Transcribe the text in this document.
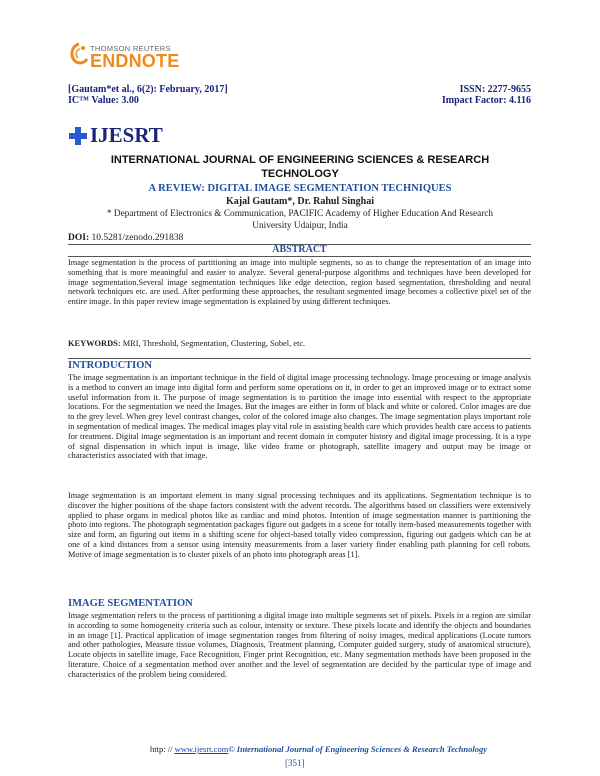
THOMSON REUTERS
ENDNOTE
[Gautam*et al., 6(2): February, 2017]
IC™ Value: 3.00
ISSN: 2277-9655
Impact Factor: 4.116
IJESRT
INTERNATIONAL JOURNAL OF ENGINEERING SCIENCES & RESEARCH
TECHNOLOGY
A REVIEW: DIGITAL IMAGE SEGMENTATION TECHNIQUES
Kajal Gautam*, Dr. Rahul Singhai
* Department of Electronics & Communication, PACIFIC Academy of Higher Education And Research
University Udaipur, India
DOI: 10.5281/zenodo.291838
ABSTRACT
Image segmentation is the process of partitioning an image into multiple segments, so as to change the representation of an image into something that is more meaningful and easier to analyze. Several general-purpose algorithms and techniques have been developed for image segmentation.Several image segmentation techniques like edge detection, region based segmentation, thresholding and neural network techniques etc. are used. After performing these approaches, the resultant segmented image becomes a collective pixel set of the entire image. In this paper review image segmentation is explained by using different techniques.
KEYWORDS: MRI, Threshold, Segmentation, Clustering, Sobel, etc.
INTRODUCTION
The image segmentation is an important technique in the field of digital image processing technology. Image processing or image analysis is a method to convert an image into digital form and perform some operations on it, in order to get an improved image or to extract some useful information from it. The purpose of image segmentation is to partition the image into essential with respect to the appropriate locations. For the segmentation we need the Images. But the images are either in form of black and white or colored. Color images are due to the grey level. When grey level contrast changes, color of the colored image also changes. The image segmentation plays important role in segmentation of medical images. The medical images play vital role in assisting health care which provides health care access to patients for treatment. Digital image segmentation is an important and recent domain in computer history and digital image processing. It is a type of signal dispensation in which input is image, like video frame or photograph, satellite imagery and output may be image or characteristics associated with that image.
Image segmentation is an important element in many signal processing techniques and its applications. Segmentation technique is to discover the higher positions of the shape factors consistent with the advent records. The algorithms based on classifiers were extensively applied to phase organs in medical photos like as cardiac and mind photos. Intention of image segmentation manner is partitioning the photo into regions. The photograph segmentation packages figure out gadgets in a scene for totally item-based measurements together with size and form, an figuring out items in a shifting scene for object-based totally video compression, figuring out gadgets which can be at one of a kind distances from a sensor using intensity measurements from a laser variety finder enabling path planning for cell robots. Motive of image segmentation is to cluster pixels of an photo into photograph areas [1].
IMAGE SEGMENTATION
Image segmentation refers to the process of partitioning a digital image into multiple segments set of pixels. Pixels in a region are similar in according to some homogeneity criteria such as colour, intensity or texture. These pixels locate and identify the objects and boundaries in an image [1]. Practical application of image segmentation ranges from filtering of noisy images, medical applications (Locate tumors and other pathologies, Measure tissue volumes, Diagnosis, Treatment planning, Computer guided surgery, study of anatomical structure), Locate objects in satellite image, Face Recognition, Finger print Recognition, etc. Many segmentation methods have been proposed in the literature. Choice of a segmentation method over another and the level of segmentation are decided by the particular type of image and characteristics of the problem being considered.
http: // www.ijesrt.com© International Journal of Engineering Sciences & Research Technology
[351]
